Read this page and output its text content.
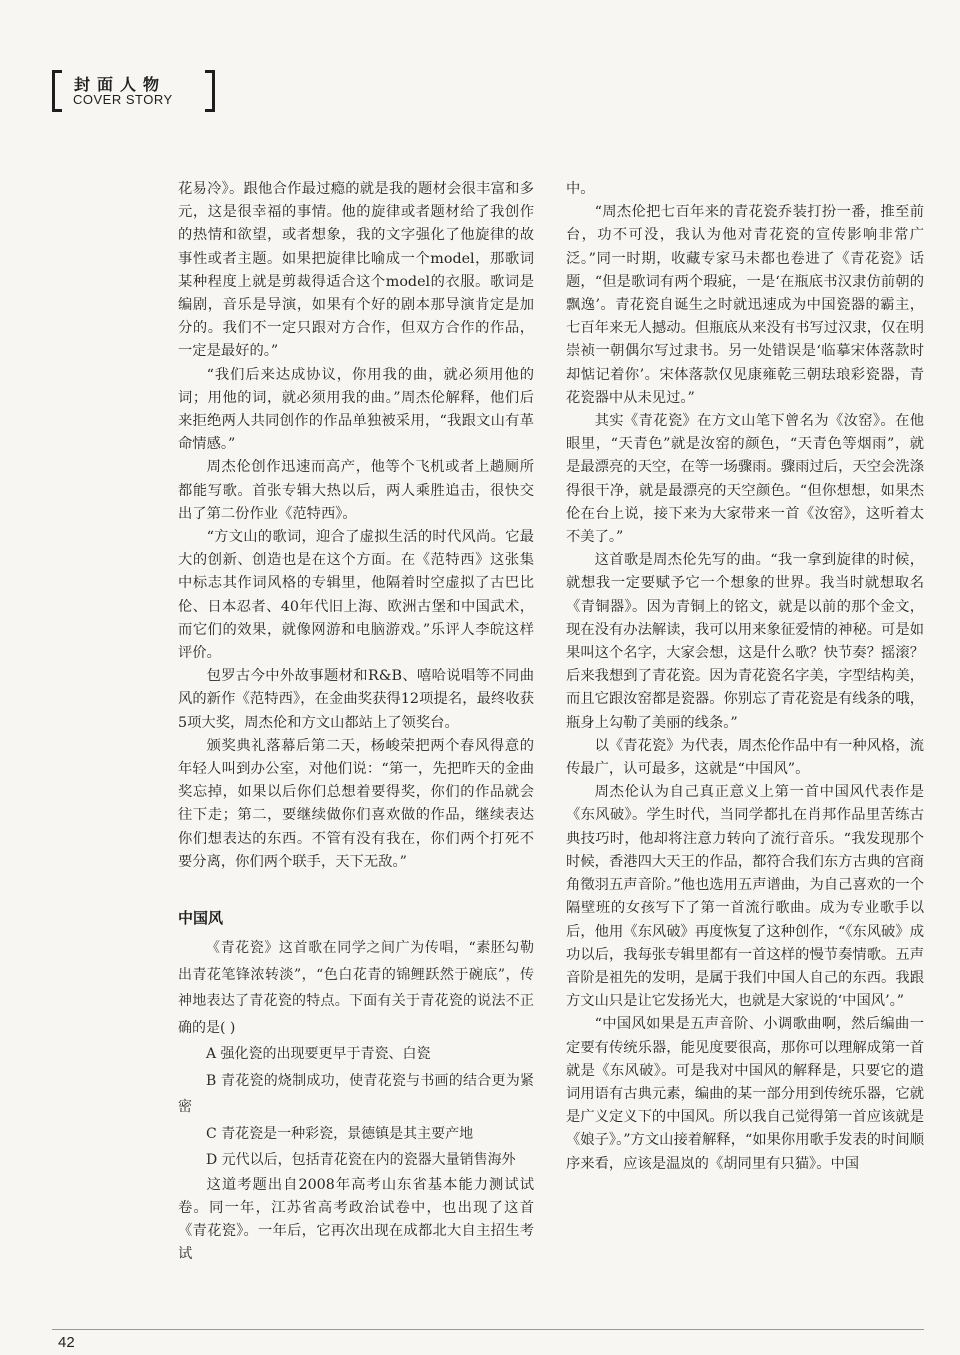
封面人物
COVER STORY

花易冷》。跟他合作最过瘾的就是我的题材会很丰富和多元，这是很幸福的事情。他的旋律或者题材给了我创作的热情和欲望，或者想象，我的文字强化了他旋律的故事性或者主题。如果把旋律比喻成一个model，那歌词某种程度上就是剪裁得适合这个model的衣服。歌词是编剧，音乐是导演，如果有个好的剧本那导演肯定是加分的。我们不一定只跟对方合作，但双方合作的作品，一定是最好的。”

“我们后来达成协议，你用我的曲，就必须用他的词；用他的词，就必须用我的曲。”周杰伦解释，他们后来拒绝两人共同创作的作品单独被采用，“我跟文山有革命情感。”

周杰伦创作迅速而高产，他等个飞机或者上趟厕所都能写歌。首张专辑大热以后，两人乘胜追击，很快交出了第二份作业《范特西》。

“方文山的歌词，迎合了虚拟生活的时代风尚。它最大的创新、创造也是在这个方面。在《范特西》这张集中标志其作词风格的专辑里，他隔着时空虚拟了古巴比伦、日本忍者、40年代旧上海、欧洲古堡和中国武术，而它们的效果，就像网游和电脑游戏。”乐评人李皖这样评价。

包罗古今中外故事题材和R&B、嘻哈说唱等不同曲风的新作《范特西》，在金曲奖获得12项提名，最终收获5项大奖，周杰伦和方文山都站上了领奖台。

颁奖典礼落幕后第二天，杨峻荣把两个春风得意的年轻人叫到办公室，对他们说：“第一，先把昨天的金曲奖忘掉，如果以后你们总想着要得奖，你们的作品就会往下走；第二，要继续做你们喜欢做的作品，继续表达你们想表达的东西。不管有没有我在，你们两个打死不要分离，你们两个联手，天下无敌。”

中国风

《青花瓷》这首歌在同学之间广为传唱，“素胚勾勒出青花笔锋浓转淡”，“色白花青的锦鲤跃然于碗底”，传神地表达了青花瓷的特点。下面有关于青花瓷的说法不正确的是( )

A 强化瓷的出现要更早于青瓷、白瓷

B 青花瓷的烧制成功，使青花瓷与书画的结合更为紧密

C 青花瓷是一种彩瓷，景德镇是其主要产地

D 元代以后，包括青花瓷在内的瓷器大量销售海外

这道考题出自2008年高考山东省基本能力测试试卷。同一年，江苏省高考政治试卷中，也出现了这首《青花瓷》。一年后，它再次出现在成都北大自主招生考试

中。

“周杰伦把七百年来的青花瓷乔装打扮一番，推至前台，功不可没，我认为他对青花瓷的宣传影响非常广泛。”同一时期，收藏专家马未都也卷进了《青花瓷》话题，“但是歌词有两个瑕疵，一是‘在瓶底书汉隶仿前朝的飘逸’。青花瓷自诞生之时就迅速成为中国瓷器的霸主，七百年来无人撼动。但瓶底从来没有书写过汉隶，仅在明崇祯一朝偶尔写过隶书。另一处错误是‘临摹宋体落款时却惦记着你’。宋体落款仅见康雍乾三朝珐琅彩瓷器，青花瓷器中从未见过。”

其实《青花瓷》在方文山笔下曾名为《汝窑》。在他眼里，“天青色”就是汝窑的颜色，“天青色等烟雨”，就是最漂亮的天空，在等一场骤雨。骤雨过后，天空会洗涤得很干净，就是最漂亮的天空颜色。“但你想想，如果杰伦在台上说，接下来为大家带来一首《汝窑》，这听着太不美了。”

这首歌是周杰伦先写的曲。“我一拿到旋律的时候，就想我一定要赋予它一个想象的世界。我当时就想取名《青铜器》。因为青铜上的铭文，就是以前的那个金文，现在没有办法解读，我可以用来象征爱情的神秘。可是如果叫这个名字，大家会想，这是什么歌？快节奏？摇滚？后来我想到了青花瓷。因为青花瓷名字美，字型结构美，而且它跟汝窑都是瓷器。你别忘了青花瓷是有线条的哦，瓶身上勾勒了美丽的线条。”

以《青花瓷》为代表，周杰伦作品中有一种风格，流传最广，认可最多，这就是“中国风”。

周杰伦认为自己真正意义上第一首中国风代表作是《东风破》。学生时代，当同学都扎在肖邦作品里苦练古典技巧时，他却将注意力转向了流行音乐。“我发现那个时候，香港四大天王的作品，都符合我们东方古典的宫商角徵羽五声音阶。”他也选用五声谱曲，为自己喜欢的一个隔壁班的女孩写下了第一首流行歌曲。成为专业歌手以后，他用《东风破》再度恢复了这种创作，“《东风破》成功以后，我每张专辑里都有一首这样的慢节奏情歌。五声音阶是祖先的发明，是属于我们中国人自己的东西。我跟方文山只是让它发扬光大，也就是大家说的‘中国风’。”

“中国风如果是五声音阶、小调歌曲啊，然后编曲一定要有传统乐器，能见度要很高，那你可以理解成第一首就是《东风破》。可是我对中国风的解释是，只要它的遣词用语有古典元素，编曲的某一部分用到传统乐器，它就是广义定义下的中国风。所以我自己觉得第一首应该就是《娘子》。”方文山接着解释，“如果你用歌手发表的时间顺序来看，应该是温岚的《胡同里有只猫》。中国

42
